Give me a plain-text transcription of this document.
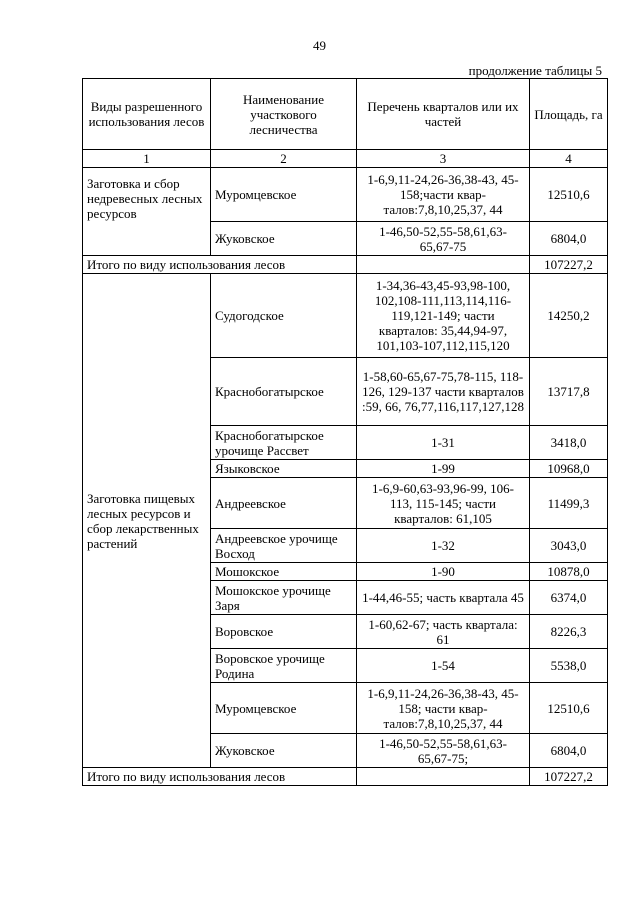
49
продолжение таблицы 5
Виды разрешенного использования лесов	Наименование участкового лесничества	Перечень кварталов или их частей	Площадь, га
1	2	3	4
Заготовка и сбор недревесных лесных ресурсов	Муромцевское	1-6,9,11-24,26-36,38-43, 45-158;части квар- талов:7,8,10,25,37, 44	12510,6
	Жуковское	1-46,50-52,55-58,61,63- 65,67-75	6804,0
Итого по виду использования лесов			107227,2
Заготовка пищевых лесных ресурсов и сбор лекарственных растений	Судогодское	1-34,36-43,45-93,98-100, 102,108-111,113,114,116- 119,121-149; части кварталов: 35,44,94-97, 101,103-107,112,115,120	14250,2
	Краснобогатырское	1-58,60-65,67-75,78-115, 118-126, 129-137 части кварталов :59, 66, 76,77,116,117,127,128	13717,8
	Краснобогатырское урочище Рассвет	1-31	3418,0
	Языковское	1-99	10968,0
	Андреевское	1-6,9-60,63-93,96-99, 106-113, 115-145; части кварталов: 61,105	11499,3
	Андреевское урочище Восход	1-32	3043,0
	Мошокское	1-90	10878,0
	Мошокское урочище Заря	1-44,46-55; часть квартала 45	6374,0
	Воровское	1-60,62-67; часть квартала: 61	8226,3
	Воровское урочище Родина	1-54	5538,0
	Муромцевское	1-6,9,11-24,26-36,38-43, 45-158; части квар- талов:7,8,10,25,37, 44	12510,6
	Жуковское	1-46,50-52,55-58,61,63- 65,67-75;	6804,0
Итого по виду использования лесов			107227,2
